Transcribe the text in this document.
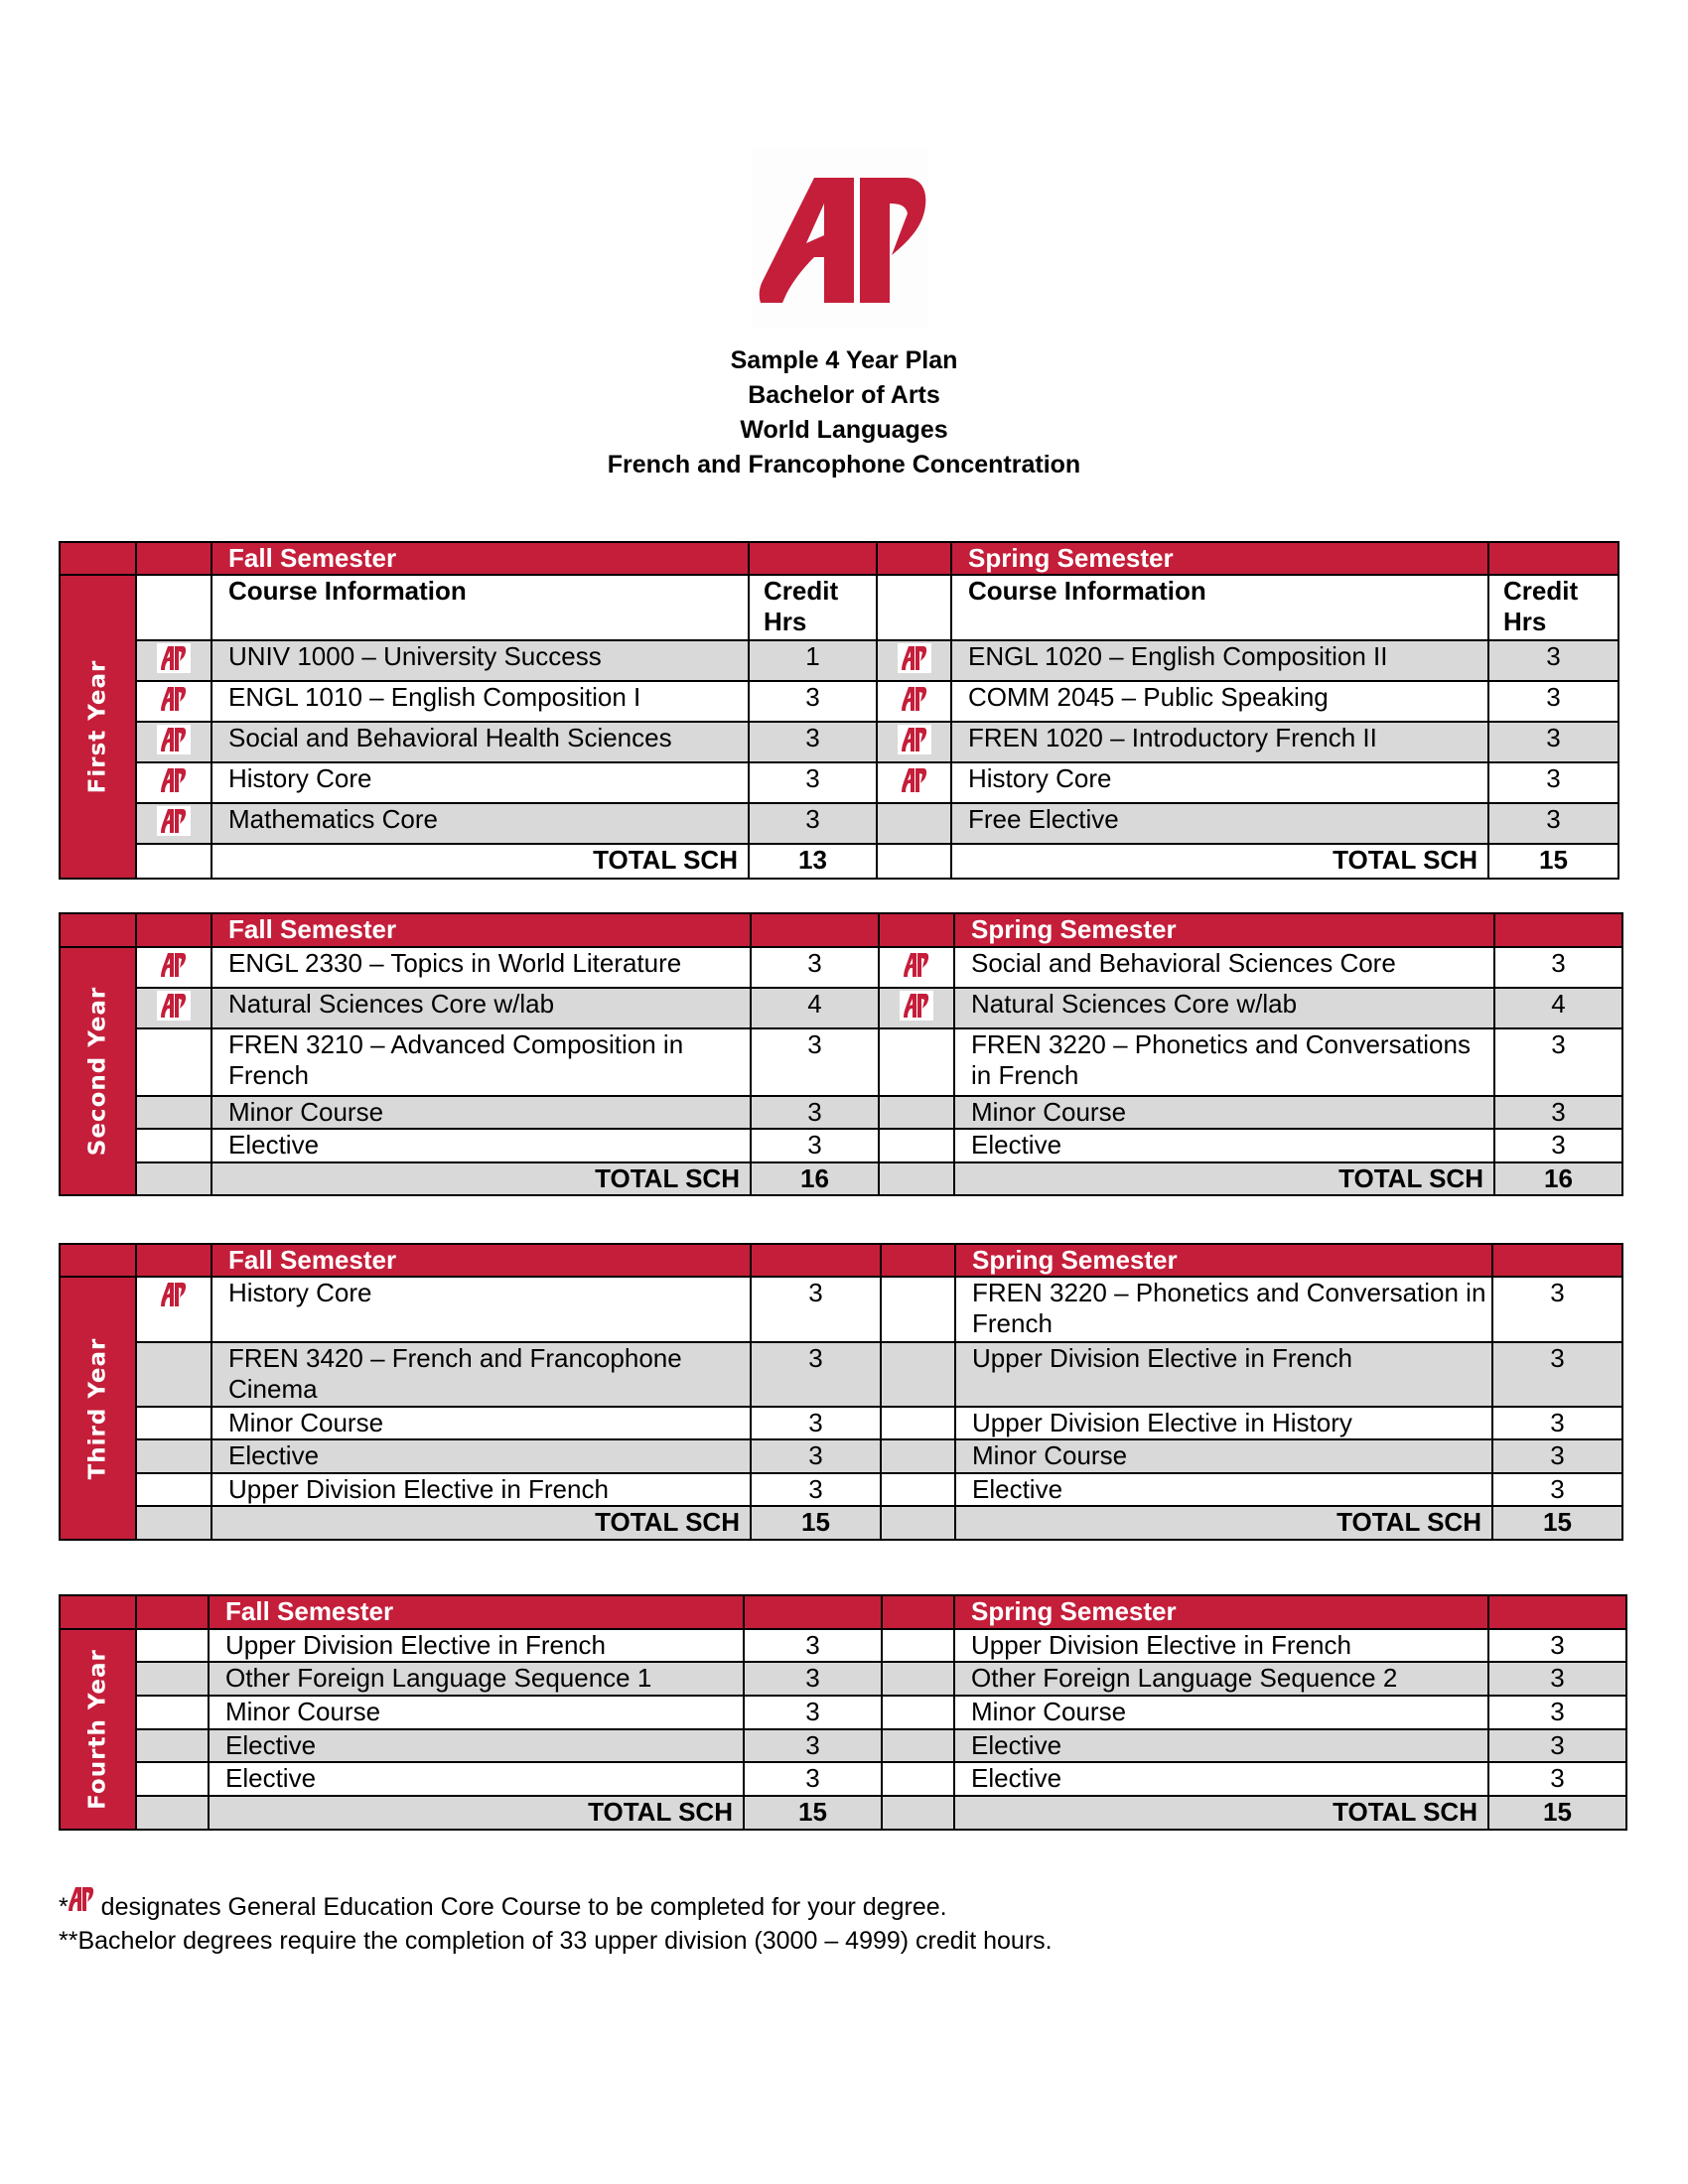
Sample 4 Year Plan
Bachelor of Arts
World Languages
French and Francophone Concentration
		Fall Semester			Spring Semester	

First Year		Course Information	Credit Hrs		Course Information	Credit Hrs

	UNIV 1000 – University Success	1		ENGL 1020 – English Composition II	3

	ENGL 1010 – English Composition I	3		COMM 2045 – Public Speaking	3

	Social and Behavioral Health Sciences	3		FREN 1020 – Introductory French II	3

	History Core	3		History Core	3

	Mathematics Core	3		Free Elective	3
		TOTAL SCH	13		TOTAL SCH	15
		Fall Semester			Spring Semester	

Second Year		ENGL 2330 – Topics in World Literature	3		Social and Behavioral Sciences Core	3

	Natural Sciences Core w/lab	4		Natural Sciences Core w/lab	4
		FREN 3210 – Advanced Composition in French	3		FREN 3220 – Phonetics and Conversations in French	3
		Minor Course	3		Minor Course	3
		Elective	3		Elective	3
		TOTAL SCH	16		TOTAL SCH	16
		Fall Semester			Spring Semester	

Third Year		History Core	3		FREN 3220 – Phonetics and Conversation in French	3
		FREN 3420 – French and Francophone Cinema	3		Upper Division Elective in French	3
		Minor Course	3		Upper Division Elective in History	3
		Elective	3		Minor Course	3
		Upper Division Elective in French	3		Elective	3
		TOTAL SCH	15		TOTAL SCH	15
		Fall Semester			Spring Semester	

Fourth Year		Upper Division Elective in French	3		Upper Division Elective in French	3
		Other Foreign Language Sequence 1	3		Other Foreign Language Sequence 2	3
		Minor Course	3		Minor Course	3
		Elective	3		Elective	3
		Elective	3		Elective	3
		TOTAL SCH	15		TOTAL SCH	15
* designates General Education Core Course to be completed for your degree.
**Bachelor degrees require the completion of 33 upper division (3000 – 4999) credit hours.
